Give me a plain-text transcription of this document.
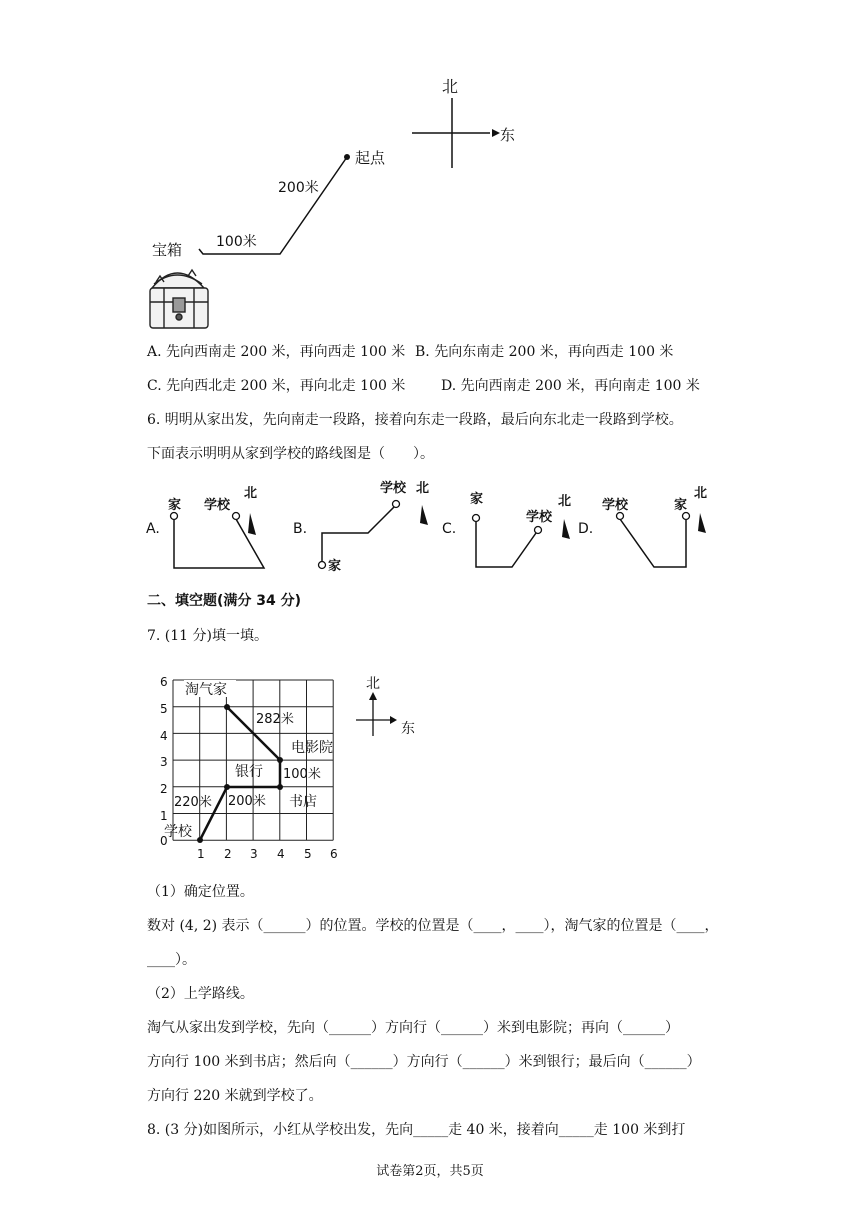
北
东
起点
200米
100米
宝箱
A. 先向西南走 200 米，再向西走 100 米 B. 先向东南走 200 米，再向西走 100 米
C. 先向西北走 200 米，再向北走 100 米	D. 先向西南走 200 米，再向南走 100 米
6. 明明从家出发，先向南走一段路，接着向东走一段路，最后向东北走一段路到学校。
下面表示明明从家到学校的路线图是（　　）。
A.
家 学校
北
B.
家
学校 北
C.
家
学校
北
D.
学校	家
北
二、填空题(满分 34 分)
7. (11 分)填一填。
1 2 3 4 5 6
0
1
2
3
4
5
6 淘气家
282米
电影院
100米
银行
200米 书店
220米
学校
北
东
（1）确定位置。
数对 (4, 2) 表示（______）的位置。学校的位置是（____，____），淘气家的位置是（____，
____）。
（2）上学路线。
淘气从家出发到学校，先向（______）方向行（______）米到电影院；再向（______）
方向行 100 米到书店；然后向（______）方向行（______）米到银行；最后向（______）
方向行 220 米就到学校了。
8. (3 分)如图所示，小红从学校出发，先向_____走 40 米，接着向_____走 100 米到打
试卷第2页，共5页
